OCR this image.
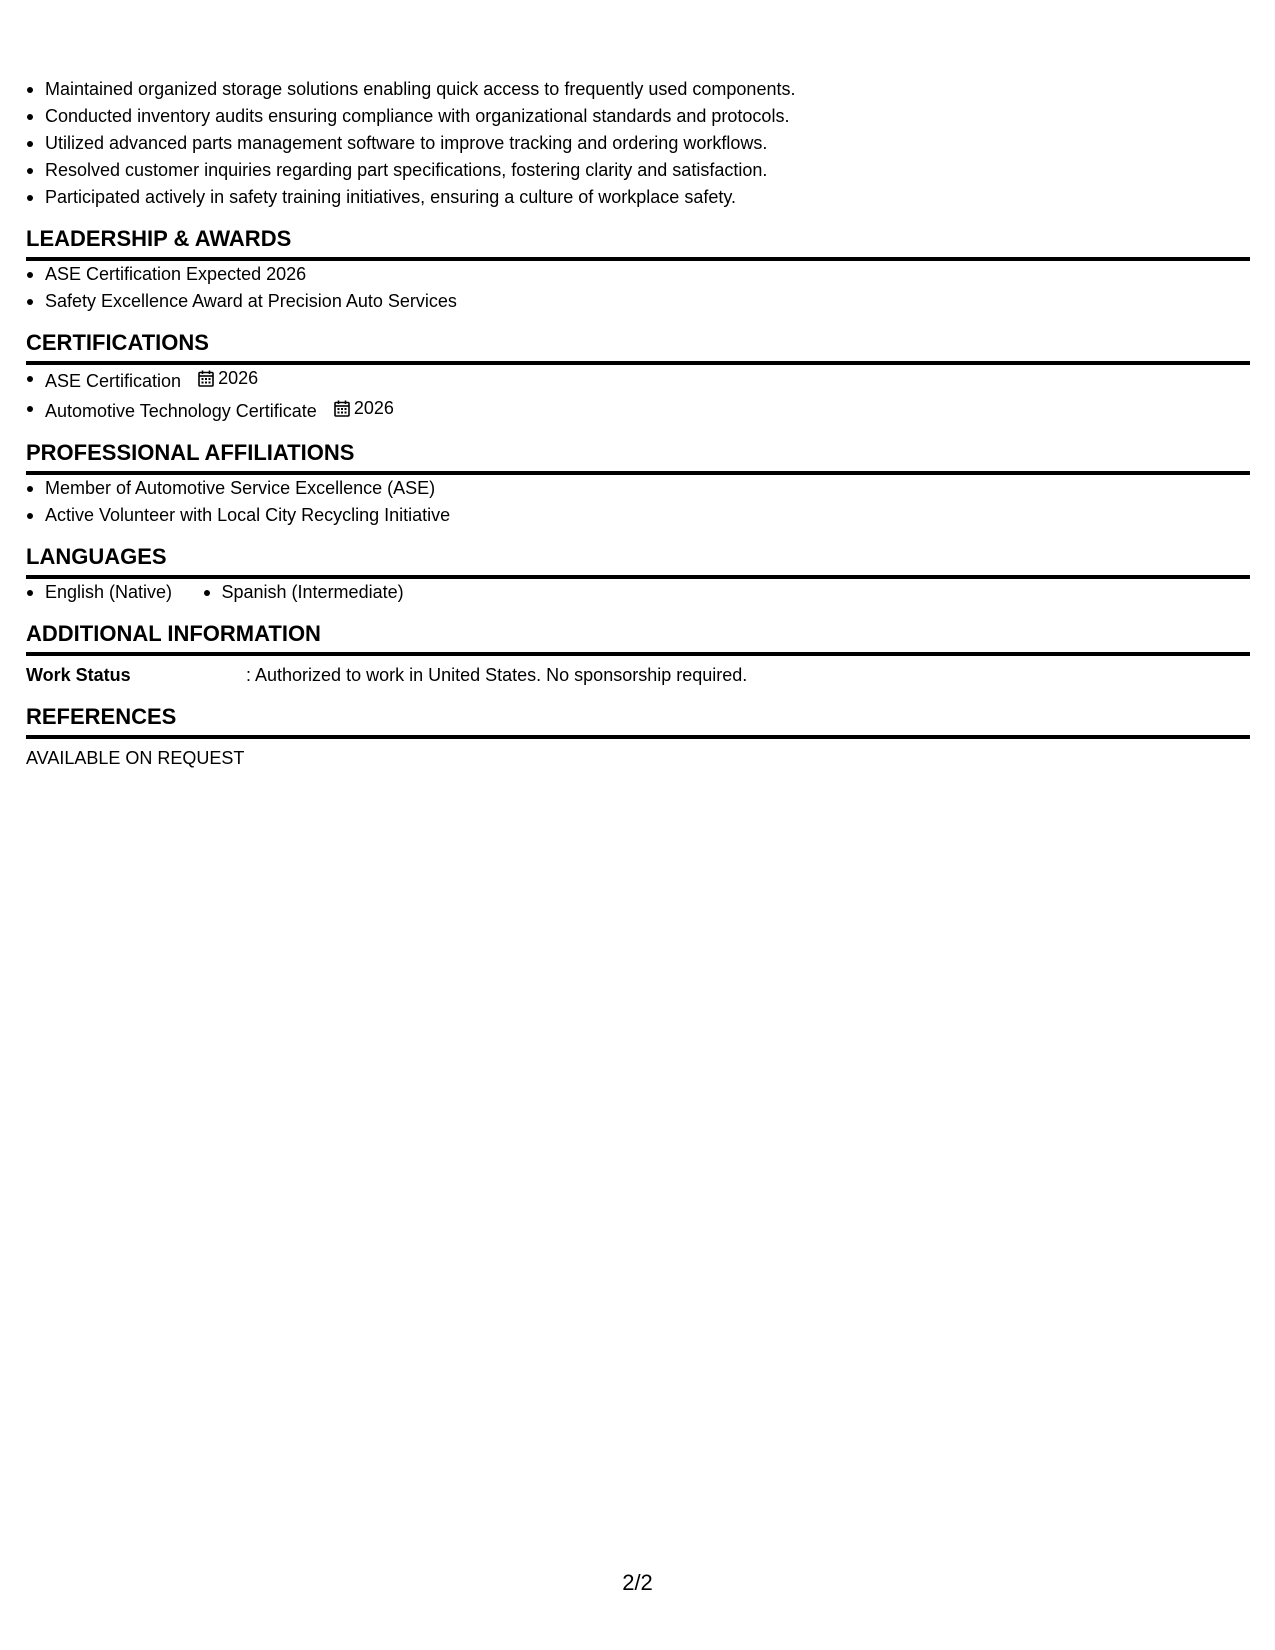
Maintained organized storage solutions enabling quick access to frequently used components.
Conducted inventory audits ensuring compliance with organizational standards and protocols.
Utilized advanced parts management software to improve tracking and ordering workflows.
Resolved customer inquiries regarding part specifications, fostering clarity and satisfaction.
Participated actively in safety training initiatives, ensuring a culture of workplace safety.
LEADERSHIP & AWARDS
ASE Certification Expected 2026
Safety Excellence Award at Precision Auto Services
CERTIFICATIONS
ASE Certification 2026
Automotive Technology Certificate 2026
PROFESSIONAL AFFILIATIONS
Member of Automotive Service Excellence (ASE)
Active Volunteer with Local City Recycling Initiative
LANGUAGES
English (Native)	Spanish (Intermediate)
ADDITIONAL INFORMATION
Work Status	: Authorized to work in United States. No sponsorship required.
REFERENCES
AVAILABLE ON REQUEST
2/2
